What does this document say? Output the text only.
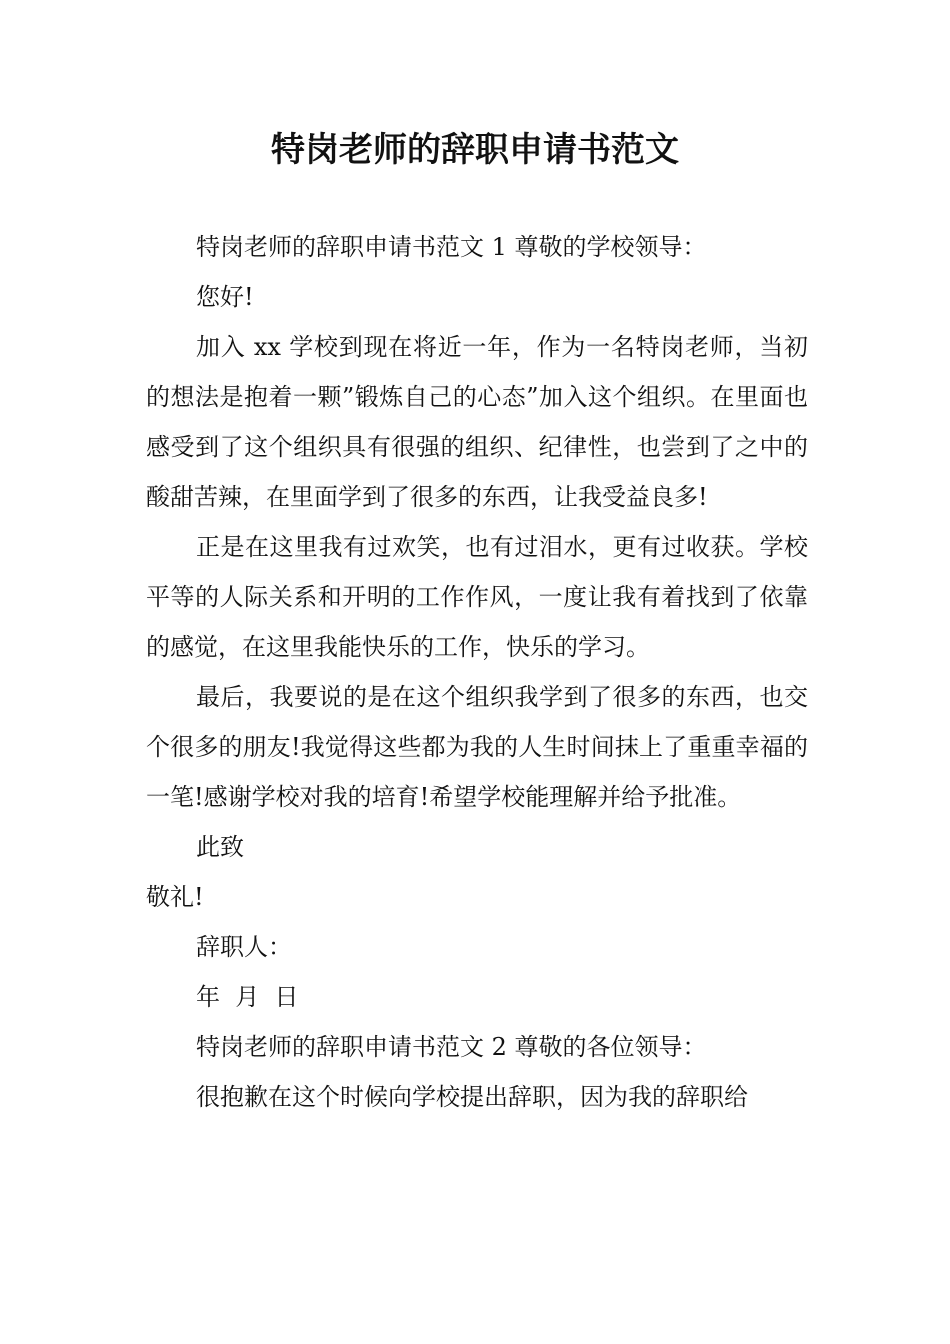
特岗老师的辞职申请书范文

特岗老师的辞职申请书范文 1 尊敬的学校领导：

您好!

加入 xx 学校到现在将近一年，作为一名特岗老师，当初的想法是抱着一颗”锻炼自己的心态”加入这个组织。在里面也感受到了这个组织具有很强的组织、纪律性，也尝到了之中的酸甜苦辣，在里面学到了很多的东西，让我受益良多!

正是在这里我有过欢笑，也有过泪水，更有过收获。学校平等的人际关系和开明的工作作风，一度让我有着找到了依靠的感觉，在这里我能快乐的工作，快乐的学习。

最后，我要说的是在这个组织我学到了很多的东西，也交个很多的朋友!我觉得这些都为我的人生时间抹上了重重幸福的一笔!感谢学校对我的培育!希望学校能理解并给予批准。

此致

敬礼!

辞职人：

年  月  日

特岗老师的辞职申请书范文 2 尊敬的各位领导：

很抱歉在这个时候向学校提出辞职，因为我的辞职给
